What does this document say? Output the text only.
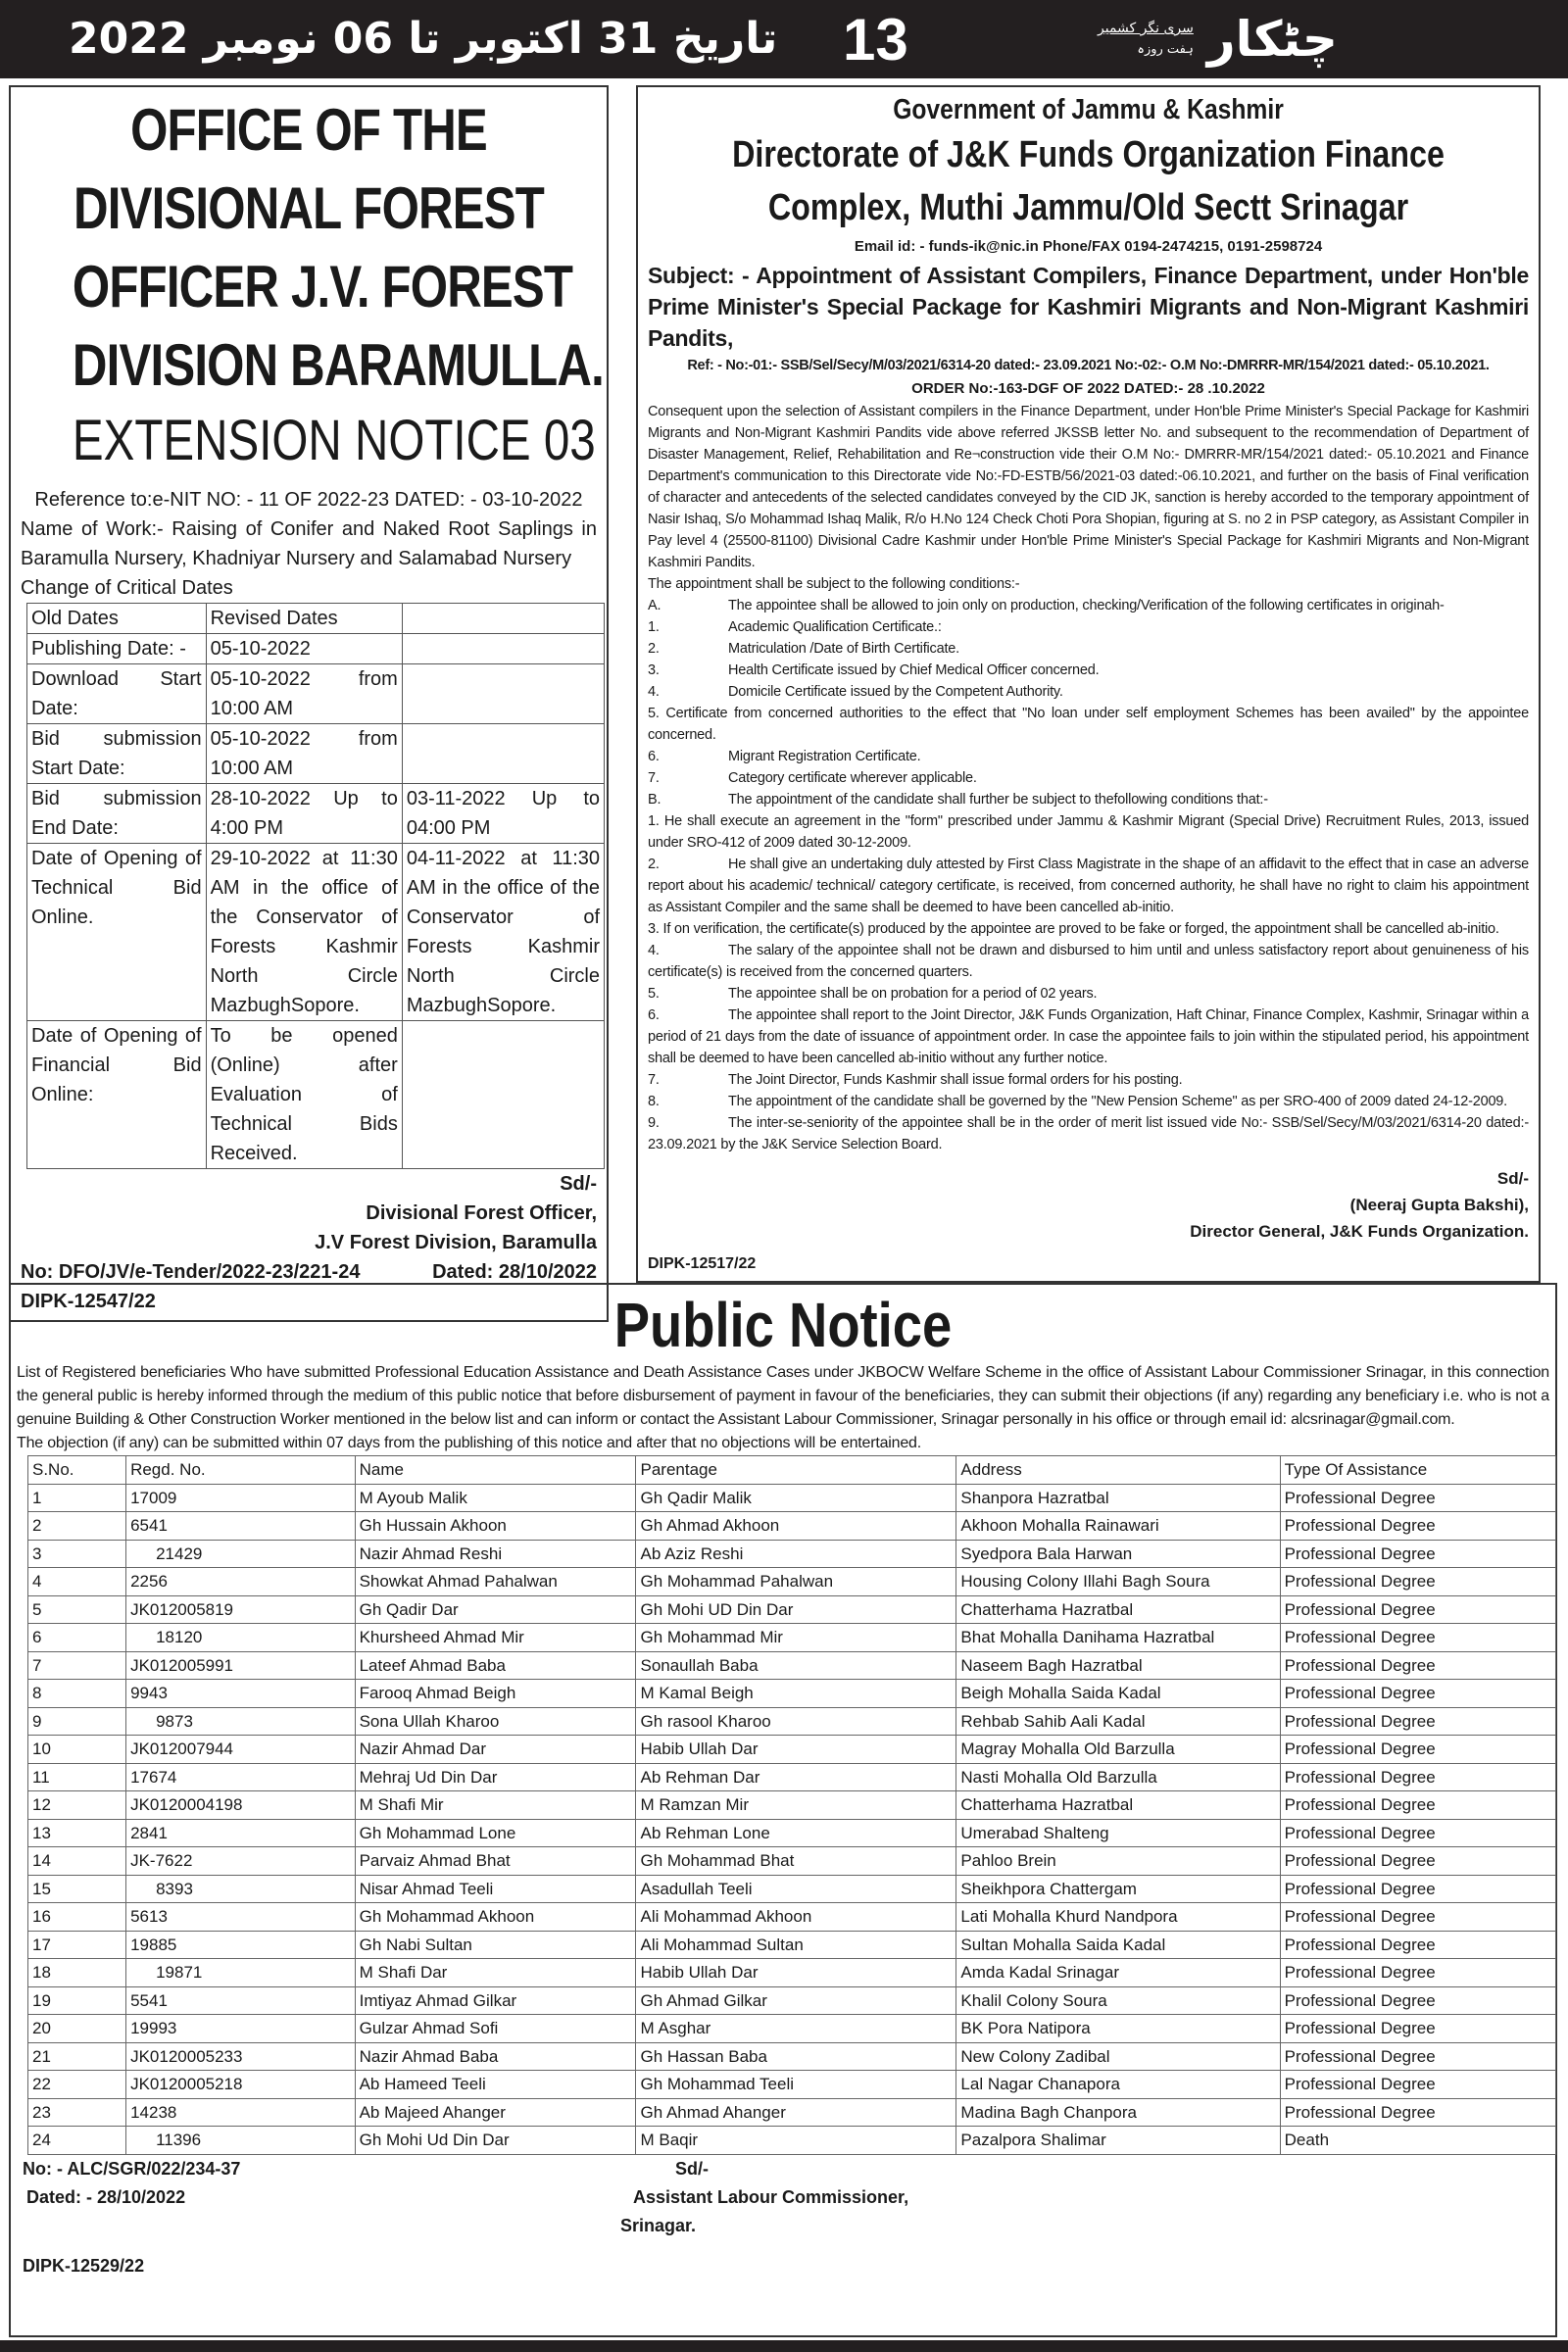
تاریخ 31 اکتوبر تا 06 نومبر 2022 13	سری نگر کشمیر
ہفت روزہ چٹکار
OFFICE OF THE
DIVISIONAL FOREST
OFFICER J.V. FOREST
DIVISION BARAMULLA.
EXTENSION NOTICE 03
Reference to:e-NIT NO: - 11 OF 2022-23 DATED: - 03-10-2022
Name of Work:- Raising of Conifer and Naked Root Saplings in Baramulla Nursery, Khadniyar Nursery and Salamabad Nursery
Change of Critical Dates
Old Dates	Revised Dates	
Publishing Date: -	05-10-2022	
Download Start Date:	05-10-2022 from 10:00 AM	
Bid submission Start Date:	05-10-2022 from 10:00 AM	
Bid submission End Date:	28-10-2022 Up to 4:00 PM	03-11-2022 Up to 04:00 PM
Date of Opening of Technical Bid Online.	29-10-2022 at 11:30 AM in the office of the Conservator of Forests Kashmir North Circle MazbughSopore.	04-11-2022 at 11:30 AM in the office of the Conservator of Forests Kashmir North Circle MazbughSopore.
Date of Opening of Financial Bid Online:	To be opened (Online) after Evaluation of Technical Bids Received.	
Sd/-
Divisional Forest Officer,
J.V Forest Division, Baramulla
No: DFO/JV/e-Tender/2022-23/221-24	Dated: 28/10/2022
DIPK-12547/22
Government of Jammu & Kashmir
Directorate of J&K Funds Organization Finance
Complex, Muthi Jammu/Old Sectt Srinagar
Email id: - funds-ik@nic.in Phone/FAX 0194-2474215, 0191-2598724
Subject: - Appointment of Assistant Compilers, Finance Department, under Hon'ble Prime Minister's Special Package for Kashmiri Migrants and Non-Migrant Kashmiri Pandits,
Ref: - No:-01:- SSB/Sel/Secy/M/03/2021/6314-20 dated:- 23.09.2021 No:-02:- O.M No:-DMRRR-MR/154/2021 dated:- 05.10.2021.
ORDER No:-163-DGF OF 2022 DATED:- 28 .10.2022
Consequent upon the selection of Assistant compilers in the Finance Department, under Hon'ble Prime Minister's Special Package for Kashmiri Migrants and Non-Migrant Kashmiri Pandits vide above referred JKSSB letter No. and subsequent to the recommendation of Department of Disaster Management, Relief, Rehabilitation and Re¬construction vide their O.M No:- DMRRR-MR/154/2021 dated:- 05.10.2021 and Finance Department's communication to this Directorate vide No:-FD-ESTB/56/2021-03 dated:-06.10.2021, and further on the basis of Final verification of character and antecedents of the selected candidates conveyed by the CID JK, sanction is hereby accorded to the temporary appointment of Nasir Ishaq, S/o Mohammad Ishaq Malik, R/o H.No 124 Check Choti Pora Shopian, figuring at S. no 2 in PSP category, as Assistant Compiler in Pay level 4 (25500-81100) Divisional Cadre Kashmir under Hon'ble Prime Minister's Special Package for Kashmiri Migrants and Non-Migrant Kashmiri Pandits.
The appointment shall be subject to the following conditions:-
A.	The appointee shall be allowed to join only on production, checking/Verification of the following certificates in originah-
1.	Academic Qualification Certificate.:
2.	Matriculation /Date of Birth Certificate.
3.	Health Certificate issued by Chief Medical Officer concerned.
4.	Domicile Certificate issued by the Competent Authority.
5. Certificate from concerned authorities to the effect that "No loan under self employment Schemes has been availed" by the appointee concerned.
6.	Migrant Registration Certificate.
7.	Category certificate wherever applicable.
B.	The appointment of the candidate shall further be subject to thefollowing conditions that:-
1. He shall execute an agreement in the "form" prescribed under Jammu & Kashmir Migrant (Special Drive) Recruitment Rules, 2013, issued under SRO-412 of 2009 dated 30-12-2009.
2.	He shall give an undertaking duly attested by First Class Magistrate in the shape of an affidavit to the effect that in case an adverse report about his academic/ technical/ category certificate, is received, from concerned authority, he shall have no right to claim his appointment as Assistant Compiler and the same shall be deemed to have been cancelled ab-initio.
3. If on verification, the certificate(s) produced by the appointee are proved to be fake or forged, the appointment shall be cancelled ab-initio.
4.	The salary of the appointee shall not be drawn and disbursed to him until and unless satisfactory report about genuineness of his certificate(s) is received from the concerned quarters.
5.	The appointee shall be on probation for a period of 02 years.
6.	The appointee shall report to the Joint Director, J&K Funds Organization, Haft Chinar, Finance Complex, Kashmir, Srinagar within a period of 21 days from the date of issuance of appointment order. In case the appointee fails to join within the stipulated period, his appointment shall be deemed to have been cancelled ab-initio without any further notice.
7.	The Joint Director, Funds Kashmir shall issue formal orders for his posting.
8.	The appointment of the candidate shall be governed by the "New Pension Scheme" as per SRO-400 of 2009 dated 24-12-2009.
9.	The inter-se-seniority of the appointee shall be in the order of merit list issued vide No:- SSB/Sel/Secy/M/03/2021/6314-20 dated:- 23.09.2021 by the J&K Service Selection Board.
Sd/-
(Neeraj Gupta Bakshi),
Director General, J&K Funds Organization.
DIPK-12517/22
Public Notice
List of Registered beneficiaries Who have submitted Professional Education Assistance and Death Assistance Cases under JKBOCW Welfare Scheme in the office of Assistant Labour Commissioner Srinagar, in this connection the general public is hereby informed through the medium of this public notice that before disbursement of payment in favour of the beneficiaries, they can submit their objections (if any) regarding any beneficiary i.e. who is not a genuine Building & Other Construction Worker mentioned in the below list and can inform or contact the Assistant Labour Commissioner, Srinagar personally in his office or through email id: alcsrinagar@gmail.com.
The objection (if any) can be submitted within 07 days from the publishing of this notice and after that no objections will be entertained.
S.No.	Regd. No.	Name	Parentage	Address	Type Of Assistance
1	17009	M Ayoub Malik	Gh Qadir Malik	Shanpora Hazratbal	Professional Degree
2	6541	Gh Hussain Akhoon	Gh Ahmad Akhoon	Akhoon Mohalla Rainawari	Professional Degree
3	21429	Nazir Ahmad Reshi	Ab Aziz Reshi	Syedpora Bala Harwan	Professional Degree
4	2256	Showkat Ahmad Pahalwan	Gh Mohammad Pahalwan	Housing Colony Illahi Bagh Soura	Professional Degree
5	JK012005819	Gh Qadir Dar	Gh Mohi UD Din Dar	Chatterhama Hazratbal	Professional Degree
6	18120	Khursheed Ahmad Mir	Gh Mohammad Mir	Bhat Mohalla Danihama Hazratbal	Professional Degree
7	JK012005991	Lateef Ahmad Baba	Sonaullah Baba	Naseem Bagh Hazratbal	Professional Degree
8	9943	Farooq Ahmad Beigh	M Kamal Beigh	Beigh Mohalla Saida Kadal	Professional Degree
9	9873	Sona Ullah Kharoo	Gh rasool Kharoo	Rehbab Sahib Aali Kadal	Professional Degree
10	JK012007944	Nazir Ahmad Dar	Habib Ullah Dar	Magray Mohalla Old Barzulla	Professional Degree
11	17674	Mehraj Ud Din Dar	Ab Rehman Dar	Nasti Mohalla Old Barzulla	Professional Degree
12	JK0120004198	M Shafi Mir	M Ramzan Mir	Chatterhama Hazratbal	Professional Degree
13	2841	Gh Mohammad Lone	Ab Rehman Lone	Umerabad Shalteng	Professional Degree
14	JK-7622	Parvaiz Ahmad Bhat	Gh Mohammad Bhat	Pahloo Brein	Professional Degree
15	8393	Nisar Ahmad Teeli	Asadullah Teeli	Sheikhpora Chattergam	Professional Degree
16	5613	Gh Mohammad Akhoon	Ali Mohammad Akhoon	Lati Mohalla Khurd Nandpora	Professional Degree
17	19885	Gh Nabi Sultan	Ali Mohammad Sultan	Sultan Mohalla Saida Kadal	Professional Degree
18	19871	M Shafi Dar	Habib Ullah Dar	Amda Kadal Srinagar	Professional Degree
19	5541	Imtiyaz Ahmad Gilkar	Gh Ahmad Gilkar	Khalil Colony Soura	Professional Degree
20	19993	Gulzar Ahmad Sofi	M Asghar	BK Pora Natipora	Professional Degree
21	JK0120005233	Nazir Ahmad Baba	Gh Hassan Baba	New Colony Zadibal	Professional Degree
22	JK0120005218	Ab Hameed Teeli	Gh Mohammad Teeli	Lal Nagar Chanapora	Professional Degree
23	14238	Ab Majeed Ahanger	Gh Ahmad Ahanger	Madina Bagh Chanpora	Professional Degree
24	11396	Gh Mohi Ud Din Dar	M Baqir	Pazalpora Shalimar	Death
No: - ALC/SGR/022/234-37	Sd/-
Dated: - 28/10/2022	Assistant Labour Commissioner,
Srinagar.
DIPK-12529/22
